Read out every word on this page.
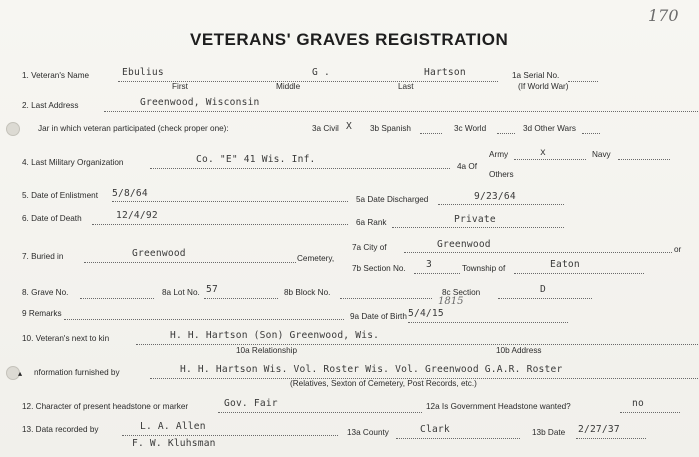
170
VETERANS' GRAVES REGISTRATION
1. Veteran's Name	Ebulius	G .	Hartson	1a Serial No.
First	Middle	Last	(If World War)
2. Last Address	Greenwood, Wisconsin
Jar in which veteran participated (check proper one):	3a Civil X 3b Spanish	3c World	3d Other Wars
4. Last Military Organization	Co. "E" 41 Wis. Inf.
4a Of
Army	x	Navy
Others
5. Date of Enlistment 5/8/64
5a Date Discharged	9/23/64
6. Date of Death	12/4/92
6a Rank	Private
7. Buried in	Greenwood	Cemetery,
7a City of	Greenwood	or
7b Section No. 3	Township of	Eaton
8. Grave No.	8a Lot No. 57	8b Block No.	8c Section	D
9 Remarks	9a Date of Birth 5/4/15
1815
10. Veteran's next to kin	H. H. Hartson (Son) Greenwood, Wis.
10a Relationship	10b Address
▴ nformation furnished by	H. H. Hartson Wis. Vol. Roster Wis. Vol. Greenwood G.A.R. Roster
(Relatives, Sexton of Cemetery, Post Records, etc.)
12. Character of present headstone or marker	Gov. Fair	12a Is Government Headstone wanted?	no
13. Data recorded by	L. A. Allen
13a County	Clark	13b Date 2/27/37
F. W. Kluhsman
